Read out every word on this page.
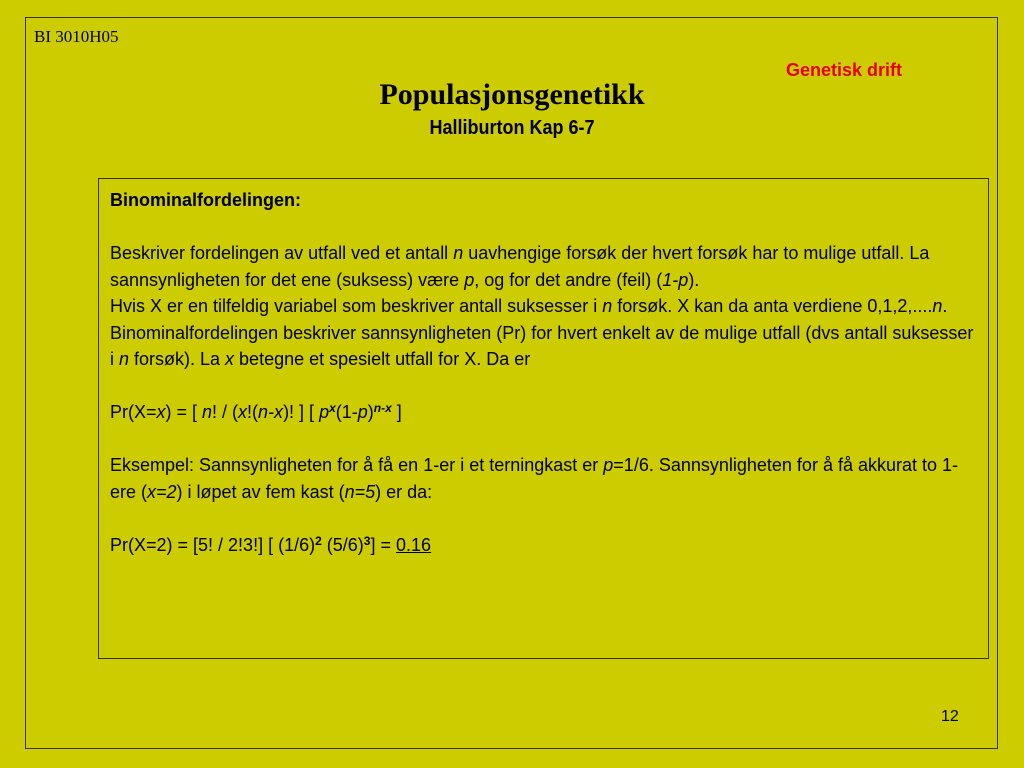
BI 3010H05
Genetisk drift
Populasjonsgenetikk
Halliburton Kap 6-7

Binominalfordelingen:

Beskriver fordelingen av utfall ved et antall n uavhengige forsøk der hvert forsøk har to mulige utfall. La sannsynligheten for det ene (suksess) være p, og for det andre (feil) (1-p).

Hvis X er en tilfeldig variabel som beskriver antall suksesser i n forsøk. X kan da anta verdiene 0,1,2,....n. Binominalfordelingen beskriver sannsynligheten (Pr) for hvert enkelt av de mulige utfall (dvs antall suksesser i n forsøk). La x betegne et spesielt utfall for X. Da er

Pr(X=x) = [ n! / (x!(n-x)! ] [ $p^x(1-p)^{n-x}$ ]

Eksempel: Sannsynligheten for å få en 1-er i et terningkast er p=1/6. Sannsynligheten for å få akkurat to 1-ere (x=2) i løpet av fem kast (n=5) er da:

Pr(X=2) = [5! / 2!3!] [ $(1/6)^2$ $(5/6)^3] = 0.16$

12
